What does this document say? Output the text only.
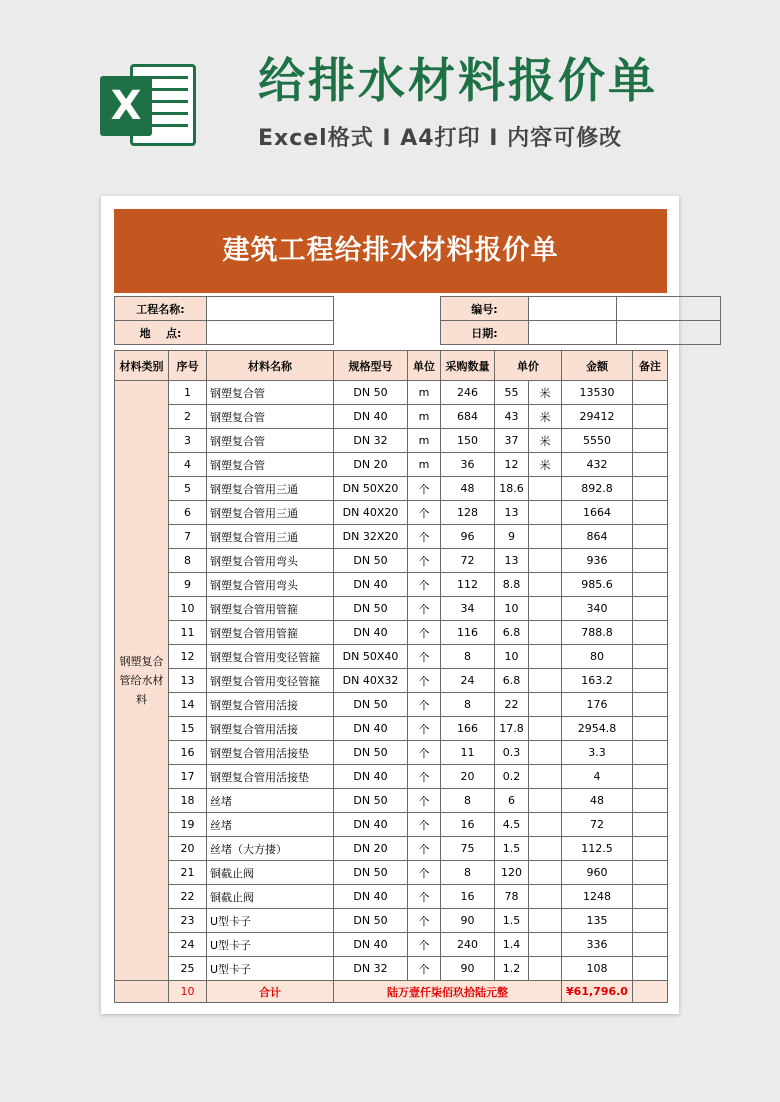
X 给排水材料报价单
Excel格式 I A4打印 I 内容可修改
建筑工程给排水材料报价单
工程名称:			编号:		
地    点:			日期:		
材料类别	序号	材料名称	规格型号	单位	采购数量	单价		金额	备注
钢塑复合管给水材料	1	钢塑复合管	DN 50	m	246	55	米	13530	
	2	钢塑复合管	DN 40	m	684	43	米	29412	
	3	钢塑复合管	DN 32	m	150	37	米	5550	
	4	钢塑复合管	DN 20	m	36	12	米	432	
	5	钢塑复合管用三通	DN 50X20	个	48	18.6		892.8	
	6	钢塑复合管用三通	DN 40X20	个	128	13		1664	
	7	钢塑复合管用三通	DN 32X20	个	96	9		864	
	8	钢塑复合管用弯头	DN 50	个	72	13		936	
	9	钢塑复合管用弯头	DN 40	个	112	8.8		985.6	
	10	钢塑复合管用管箍	DN 50	个	34	10		340	
	11	钢塑复合管用管箍	DN 40	个	116	6.8		788.8	
	12	钢塑复合管用变径管箍	DN 50X40	个	8	10		80	
	13	钢塑复合管用变径管箍	DN 40X32	个	24	6.8		163.2	
	14	钢塑复合管用活接	DN 50	个	8	22		176	
	15	钢塑复合管用活接	DN 40	个	166	17.8		2954.8	
	16	钢塑复合管用活接垫	DN 50	个	11	0.3		3.3	
	17	钢塑复合管用活接垫	DN 40	个	20	0.2		4	
	18	丝堵	DN 50	个	8	6		48	
	19	丝堵	DN 40	个	16	4.5		72	
	20	丝堵（大方捿）	DN 20	个	75	1.5		112.5	
	21	铜截止阀	DN 50	个	8	120		960	
	22	铜截止阀	DN 40	个	16	78		1248	
	23	U型卡子	DN 50	个	90	1.5		135	
	24	U型卡子	DN 40	个	240	1.4		336	
	25	U型卡子	DN 32	个	90	1.2		108	
	10	合计	陆万壹仟柒佰玖拾陆元整					¥61,796.0	
